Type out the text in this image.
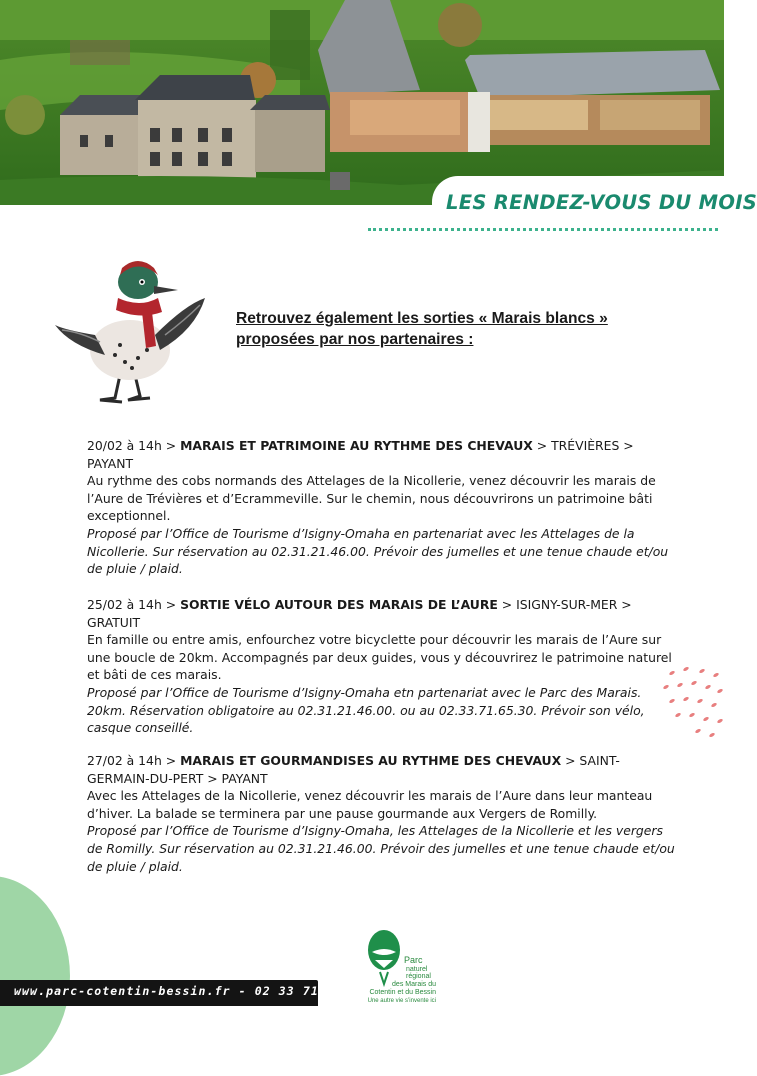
LES RENDEZ-VOUS DU MOIS
Retrouvez également les sorties « Marais blancs »
proposées par nos partenaires :

20/02 à 14h > MARAIS ET PATRIMOINE AU RYTHME DES CHEVAUX > TRÉVIÈRES > PAYANT

Au rythme des cobs normands des Attelages de la Nicollerie, venez découvrir les marais de l’Aure de Trévières et d’Ecrammeville. Sur le chemin, nous découvrirons un patrimoine bâti exceptionnel.

Proposé par l’Office de Tourisme d’Isigny-Omaha en partenariat avec les Attelages de la Nicollerie. Sur réservation au 02.31.21.46.00. Prévoir des jumelles et une tenue chaude et/ou de pluie / plaid.

25/02 à 14h > SORTIE VÉLO AUTOUR DES MARAIS DE L’AURE > ISIGNY-SUR-MER > GRATUIT

En famille ou entre amis, enfourchez votre bicyclette pour découvrir les marais de l’Aure sur une boucle de 20km. Accompagnés par deux guides, vous y découvrirez le patrimoine naturel et bâti de ces marais.

Proposé par l’Office de Tourisme d’Isigny-Omaha etn partenariat avec le Parc des Marais. 20km. Réservation obligatoire au 02.31.21.46.00. ou au 02.33.71.65.30. Prévoir son vélo, casque conseillé.

27/02 à 14h > MARAIS ET GOURMANDISES AU RYTHME DES CHEVAUX > SAINT-GERMAIN-DU-PERT > PAYANT

Avec les Attelages de la Nicollerie, venez découvrir les marais de l’Aure dans leur manteau d’hiver. La balade se terminera par une pause gourmande aux Vergers de Romilly.

Proposé par l’Office de Tourisme d’Isigny-Omaha, les Attelages de la Nicollerie et les vergers de Romilly. Sur réservation au 02.31.21.46.00. Prévoir des jumelles et une tenue chaude et/ou de pluie / plaid.

www.parc-cotentin-bessin.fr - 02 33 71 65 30
Parc
naturel
régional
des Marais du
Cotentin et du Bessin
Une autre vie s’invente ici
